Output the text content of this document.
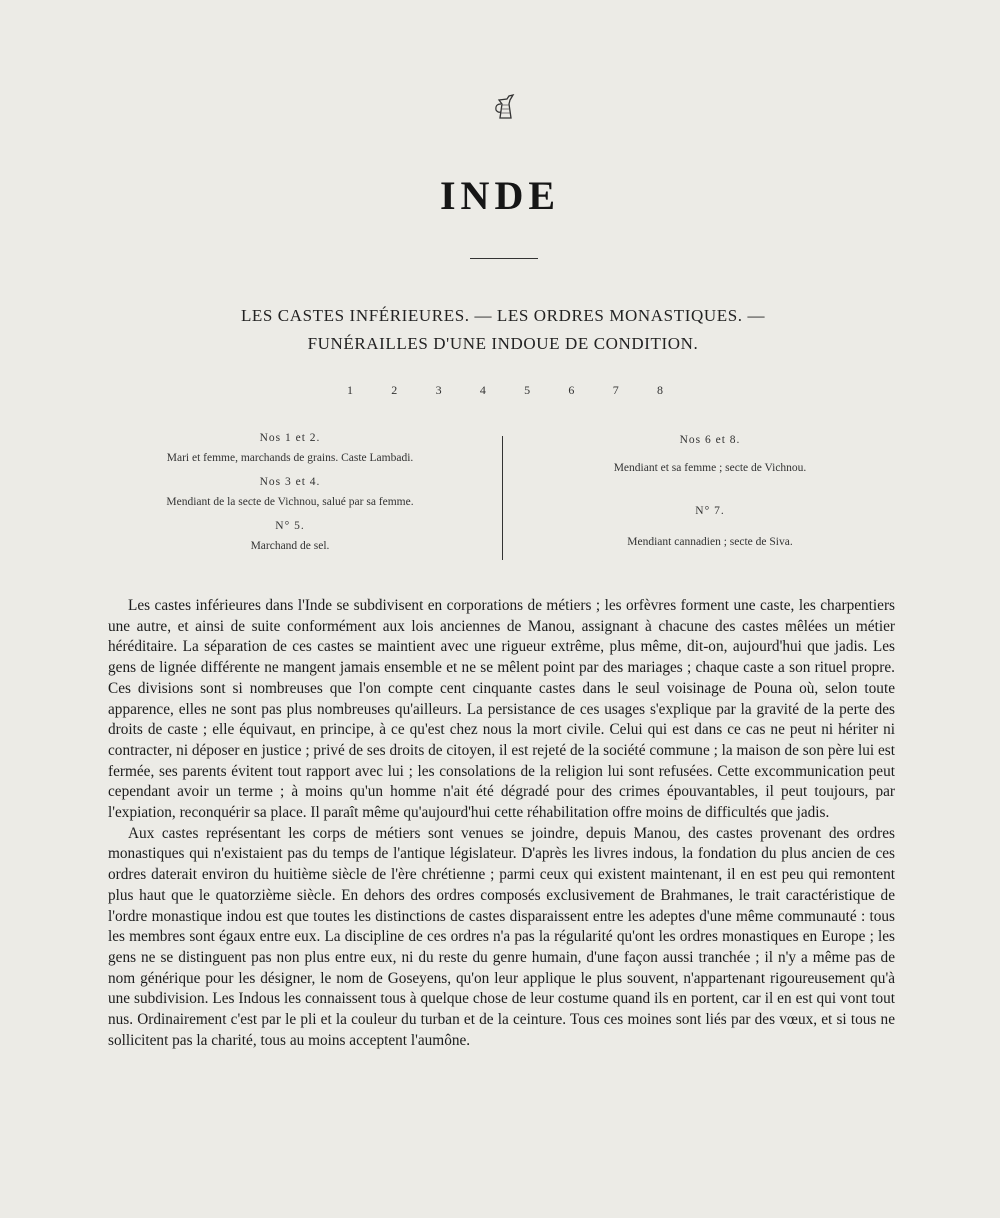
INDE
LES CASTES INFÉRIEURES. — LES ORDRES MONASTIQUES. —
FUNÉRAILLES D'UNE INDOUE DE CONDITION.
1	2	3	4	5	6	7	8
Nos 1 et 2.
Mari et femme, marchands de grains. Caste Lambadi.
Nos 3 et 4.
Mendiant de la secte de Vichnou, salué par sa femme.
N° 5.
Marchand de sel.
Nos 6 et 8.
Mendiant et sa femme ; secte de Vichnou.
N° 7.
Mendiant cannadien ; secte de Siva.

Les castes inférieures dans l'Inde se subdivisent en corporations de métiers ; les orfèvres forment une caste, les charpentiers une autre, et ainsi de suite conformément aux lois anciennes de Manou, assignant à chacune des castes mêlées un métier héréditaire. La séparation de ces castes se maintient avec une rigueur extrême, plus même, dit-on, aujourd'hui que jadis. Les gens de lignée différente ne mangent jamais ensemble et ne se mêlent point par des mariages ; chaque caste a son rituel propre. Ces divisions sont si nombreuses que l'on compte cent cinquante castes dans le seul voisinage de Pouna où, selon toute apparence, elles ne sont pas plus nombreuses qu'ailleurs. La persistance de ces usages s'explique par la gravité de la perte des droits de caste ; elle équivaut, en principe, à ce qu'est chez nous la mort civile. Celui qui est dans ce cas ne peut ni hériter ni contracter, ni déposer en justice ; privé de ses droits de citoyen, il est rejeté de la société commune ; la maison de son père lui est fermée, ses parents évitent tout rapport avec lui ; les consolations de la religion lui sont refusées. Cette excommunication peut cependant avoir un terme ; à moins qu'un homme n'ait été dégradé pour des crimes épouvantables, il peut toujours, par l'expiation, reconquérir sa place. Il paraît même qu'aujourd'hui cette réhabilitation offre moins de difficultés que jadis.

Aux castes représentant les corps de métiers sont venues se joindre, depuis Manou, des castes provenant des ordres monastiques qui n'existaient pas du temps de l'antique législateur. D'après les livres indous, la fondation du plus ancien de ces ordres daterait environ du huitième siècle de l'ère chrétienne ; parmi ceux qui existent maintenant, il en est peu qui remontent plus haut que le quatorzième siècle. En dehors des ordres composés exclusivement de Brahmanes, le trait caractéristique de l'ordre monastique indou est que toutes les distinctions de castes disparaissent entre les adeptes d'une même communauté : tous les membres sont égaux entre eux. La discipline de ces ordres n'a pas la régularité qu'ont les ordres monastiques en Europe ; les gens ne se distinguent pas non plus entre eux, ni du reste du genre humain, d'une façon aussi tranchée ; il n'y a même pas de nom générique pour les désigner, le nom de Goseyens, qu'on leur applique le plus souvent, n'appartenant rigoureusement qu'à une subdivision. Les Indous les connaissent tous à quelque chose de leur costume quand ils en portent, car il en est qui vont tout nus. Ordinairement c'est par le pli et la couleur du turban et de la ceinture. Tous ces moines sont liés par des vœux, et si tous ne sollicitent pas la charité, tous au moins acceptent l'aumône.
